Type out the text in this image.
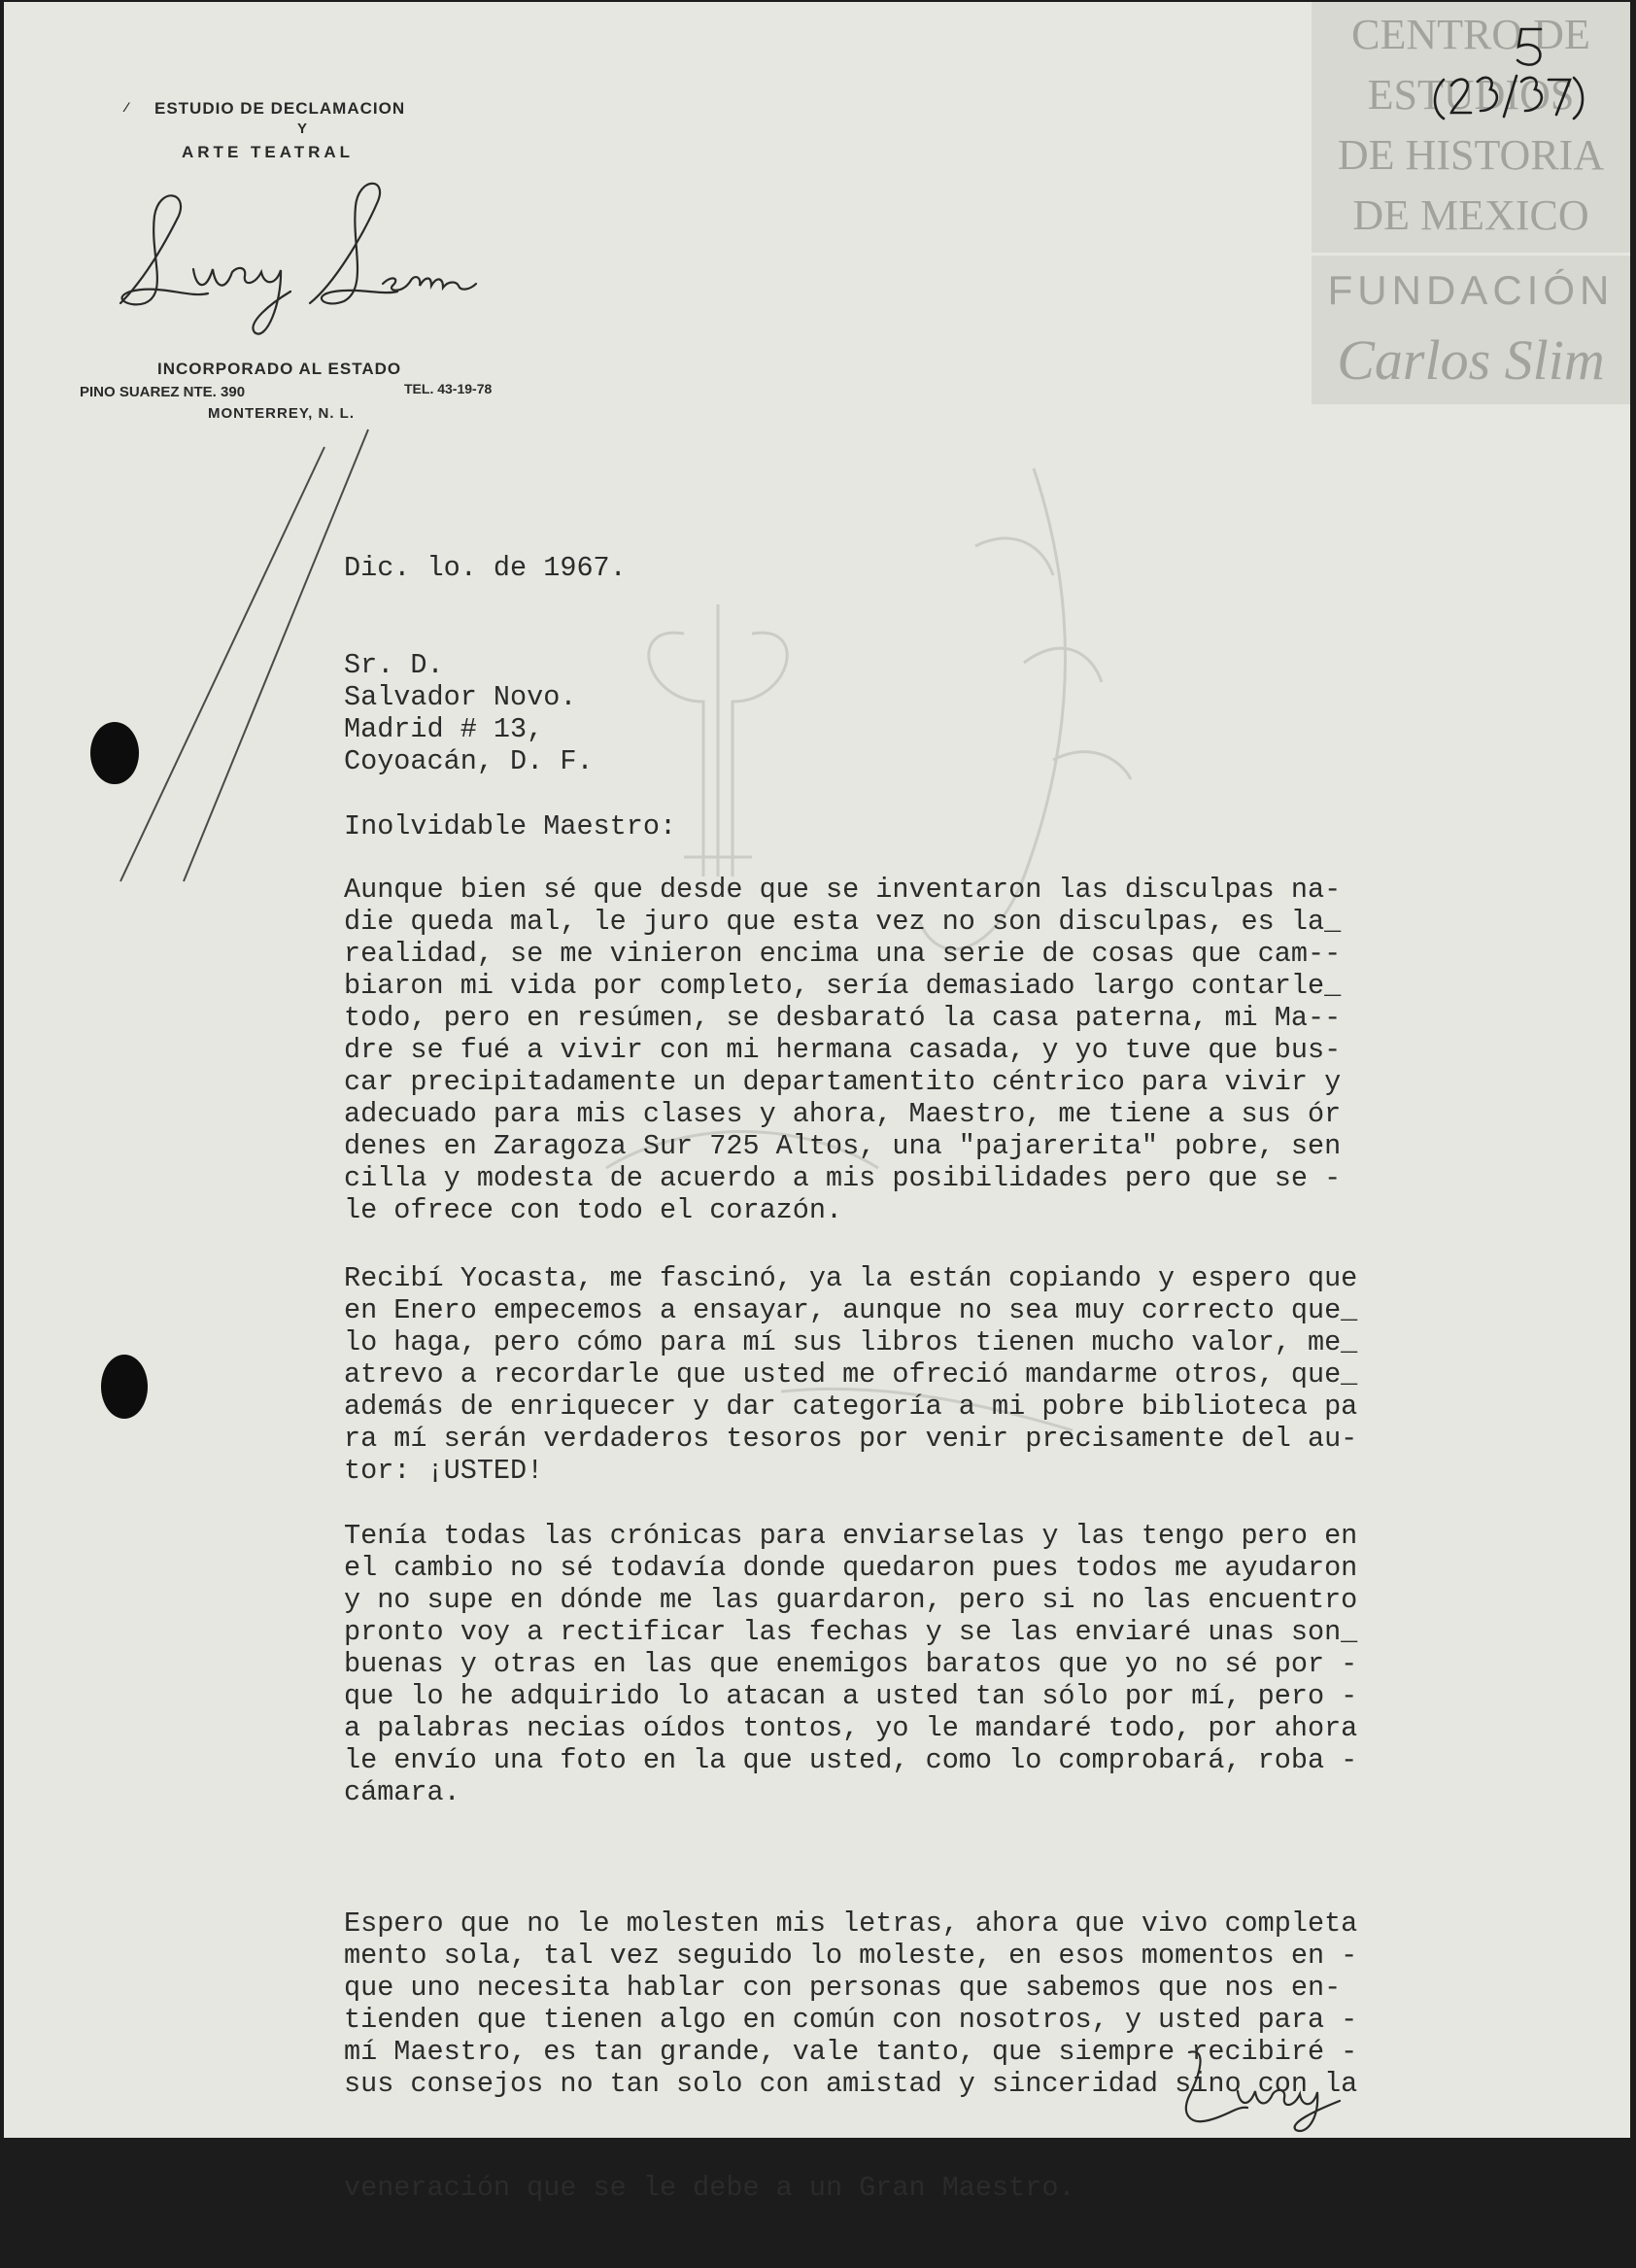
⁄ ESTUDIO DE DECLAMACION
Y
ARTE TEATRAL
INCORPORADO AL ESTADO
PINO SUAREZ NTE. 390	TEL. 43-19-78
MONTERREY, N. L.
CENTRO DE
ESTUDIOS
DE HISTORIA
DE MEXICO
FUNDACIÓN
Carlos Slim
Dic. lo. de 1967.
Sr. D.
Salvador Novo.
Madrid # 13,
Coyoacán, D. F.
Inolvidable Maestro:
Aunque bien sé que desde que se inventaron las disculpas na-
die queda mal, le juro que esta vez no son disculpas, es la_
realidad, se me vinieron encima una serie de cosas que cam--
biaron mi vida por completo, sería demasiado largo contarle_
todo, pero en resúmen, se desbarató la casa paterna, mi Ma--
dre se fué a vivir con mi hermana casada, y yo tuve que bus-
car precipitadamente un departamentito céntrico para vivir y
adecuado para mis clases y ahora, Maestro, me tiene a sus ór
denes en Zaragoza Sur 725 Altos, una "pajarerita" pobre, sen
cilla y modesta de acuerdo a mis posibilidades pero que se -
le ofrece con todo el corazón.
Recibí Yocasta, me fascinó, ya la están copiando y espero que
en Enero empecemos a ensayar, aunque no sea muy correcto que_
lo haga, pero cómo para mí sus libros tienen mucho valor, me_
atrevo a recordarle que usted me ofreció mandarme otros, que_
además de enriquecer y dar categoría a mi pobre biblioteca pa
ra mí serán verdaderos tesoros por venir precisamente del au-
tor: ¡USTED!
Tenía todas las crónicas para enviarselas y las tengo pero en
el cambio no sé todavía donde quedaron pues todos me ayudaron
y no supe en dónde me las guardaron, pero si no las encuentro
pronto voy a rectificar las fechas y se las enviaré unas son_
buenas y otras en las que enemigos baratos que yo no sé por -
que lo he adquirido lo atacan a usted tan sólo por mí, pero -
a palabras necias oídos tontos, yo le mandaré todo, por ahora
le envío una foto en la que usted, como lo comprobará, roba -
cámara.

Espero que no le molesten mis letras, ahora que vivo completa
mento sola, tal vez seguido lo moleste, en esos momentos en -
que uno necesita hablar con personas que sabemos que nos en-
tienden que tienen algo en común con nosotros, y usted para -
mí Maestro, es tan grande, vale tanto, que siempre recibiré -
sus consejos no tan solo con amistad y sinceridad sino con la

veneración que se le debe a un Gran Maestro.
